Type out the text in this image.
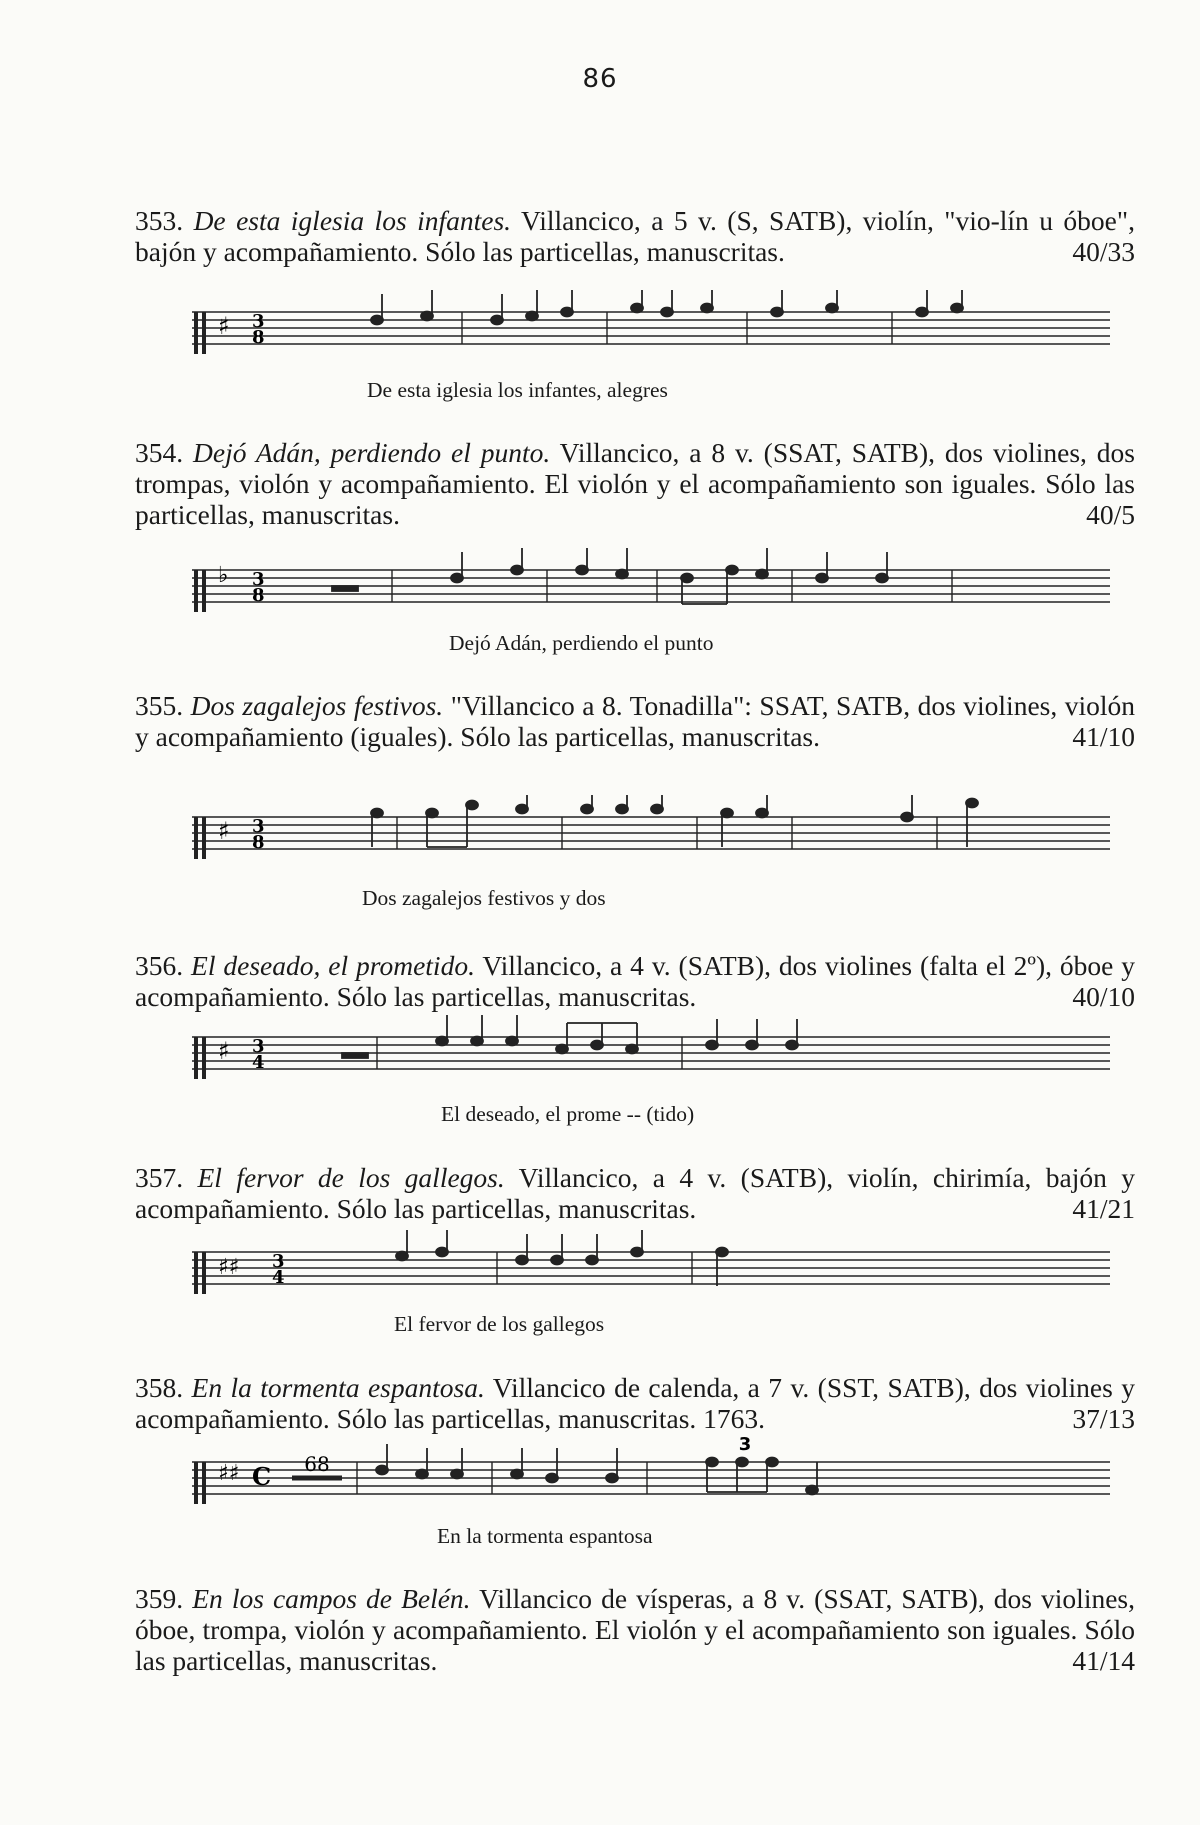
86

353. De esta iglesia los infantes. Villancico, a 5 v. (S, SATB), violín, "vio-lín u óboe", bajón y acompañamiento. Sólo las particellas, manuscritas.	40/33

♯ 3
8
De esta iglesia los infantes, alegres

354. Dejó Adán, perdiendo el punto. Villancico, a 8 v. (SSAT, SATB), dos violines, dos trompas, violón y acompañamiento. El violón y el acompañamiento son iguales. Sólo las particellas, manuscritas.	40/5

♭ 3
8
Dejó Adán, perdiendo el punto

355. Dos zagalejos festivos. "Villancico a 8. Tonadilla": SSAT, SATB, dos violines, violón y acompañamiento (iguales). Sólo las particellas, manuscritas.	41/10

♯ 3
8
Dos zagalejos festivos y dos

356. El deseado, el prometido. Villancico, a 4 v. (SATB), dos violines (falta el 2º), óboe y acompañamiento. Sólo las particellas, manuscritas.	40/10

♯ 3
4
El deseado, el prome -- (tido)

357. El fervor de los gallegos. Villancico, a 4 v. (SATB), violín, chirimía, bajón y acompañamiento. Sólo las particellas, manuscritas.	41/21

♯♯ 3
4
El fervor de los gallegos

358. En la tormenta espantosa. Villancico de calenda, a 7 v. (SST, SATB), dos violines y acompañamiento. Sólo las particellas, manuscritas. 1763.	37/13

♯♯ C 68
3
En la tormenta espantosa

359. En los campos de Belén. Villancico de vísperas, a 8 v. (SSAT, SATB), dos violines, óboe, trompa, violón y acompañamiento. El violón y el acompañamiento son iguales. Sólo las particellas, manuscritas.	41/14
